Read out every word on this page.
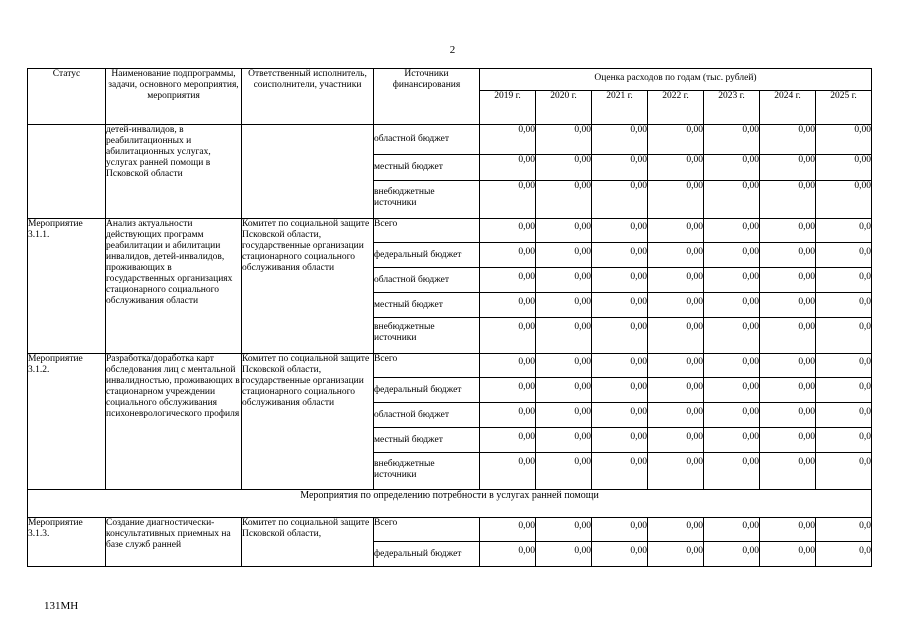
2
Статус	Наименование подпрограммы, задачи, основного мероприятия, мероприятия	Ответственный исполнитель, соисполнители, участники	Источники финансирования	Оценка расходов по годам (тыс. рублей)						
				2019 г.	2020 г.	2021 г.	2022 г.	2023 г.	2024 г.	2025 г.
	детей-инвалидов, в реабилитационных и абилитационных услугах, услугах ранней помощи в Псковской области		областной бюджет	0,00	0,00	0,00	0,00	0,00	0,00	0,00
			местный бюджет	0,00	0,00	0,00	0,00	0,00	0,00	0,00
			внебюджетные источники	0,00	0,00	0,00	0,00	0,00	0,00	0,00
Мероприятие 3.1.1.	Анализ актуальности действующих программ реабилитации и абилитации инвалидов, детей-инвалидов, проживающих в государственных организациях стационарного социального обслуживания области	Комитет по социальной защите Псковской области, государственные организации стационарного социального обслуживания области	Всего	0,00	0,00	0,00	0,00	0,00	0,00	0,0
			федеральный бюджет	0,00	0,00	0,00	0,00	0,00	0,00	0,0
			областной бюджет	0,00	0,00	0,00	0,00	0,00	0,00	0,0
			местный бюджет	0,00	0,00	0,00	0,00	0,00	0,00	0,0
			внебюджетные источники	0,00	0,00	0,00	0,00	0,00	0,00	0,0
Мероприятие 3.1.2.	Разработка/доработка карт обследования лиц с ментальной инвалидностью, проживающих в стационарном учреждении социального обслуживания психоневрологического профиля	Комитет по социальной защите Псковской области, государственные организации стационарного социального обслуживания области	Всего	0,00	0,00	0,00	0,00	0,00	0,00	0,0
			федеральный бюджет	0,00	0,00	0,00	0,00	0,00	0,00	0,0
			областной бюджет	0,00	0,00	0,00	0,00	0,00	0,00	0,0
			местный бюджет	0,00	0,00	0,00	0,00	0,00	0,00	0,0
			внебюджетные источники	0,00	0,00	0,00	0,00	0,00	0,00	0,0
Мероприятия по определению потребности в услугах ранней помощи										
Мероприятие 3.1.3.	Создание диагностически-консультативных приемных на базе служб ранней	Комитет по социальной защите Псковской области,	Всего	0,00	0,00	0,00	0,00	0,00	0,00	0,0
			федеральный бюджет	0,00	0,00	0,00	0,00	0,00	0,00	0,0
131МН
